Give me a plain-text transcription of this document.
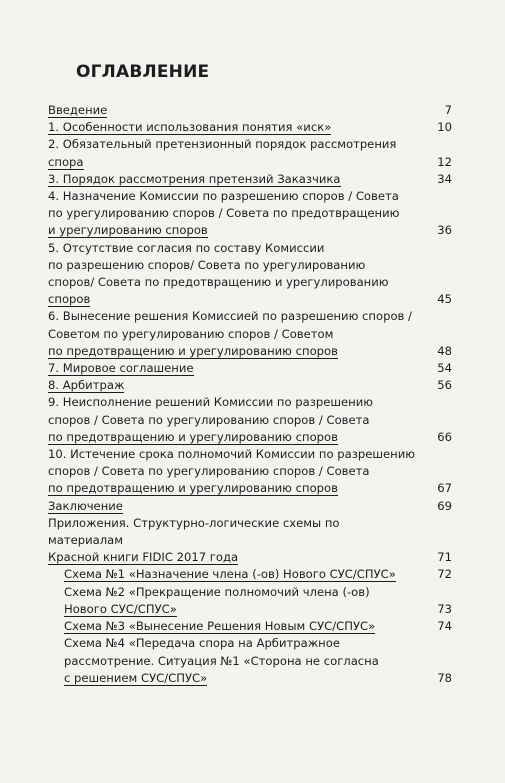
ОГЛАВЛЕНИЕ
Введение	7
1. Особенности использования понятия «иск»	10
2. Обязательный претензионный порядок рассмотрения
спора	12
3. Порядок рассмотрения претензий Заказчика	34
4. Назначение Комиссии по разрешению споров / Совета
по урегулированию споров / Совета по предотвращению
и урегулированию споров	36
5. Отсутствие согласия по составу Комиссии
по разрешению споров/ Совета по урегулированию
споров/ Совета по предотвращению и урегулированию
споров	45
6. Вынесение решения Комиссией по разрешению споров /
Советом по урегулированию споров / Советом
по предотвращению и урегулированию споров	48
7. Мировое соглашение	54
8. Арбитраж	56
9. Неисполнение решений Комиссии по разрешению
споров / Совета по урегулированию споров / Совета
по предотвращению и урегулированию споров	66
10. Истечение срока полномочий Комиссии по разрешению
споров / Совета по урегулированию споров / Совета
по предотвращению и урегулированию споров	67
Заключение	69
Приложения. Структурно-логические схемы по материалам
Красной книги FIDIC 2017 года	71
Схема №1 «Назначение члена (-ов) Нового СУС/СПУС»	72
Схема №2 «Прекращение полномочий члена (-ов)
Нового СУС/СПУС»	73
Схема №3 «Вынесение Решения Новым СУС/СПУС»	74
Схема №4 «Передача спора на Арбитражное
рассмотрение. Ситуация №1 «Сторона не согласна
с решением СУС/СПУС»	78
